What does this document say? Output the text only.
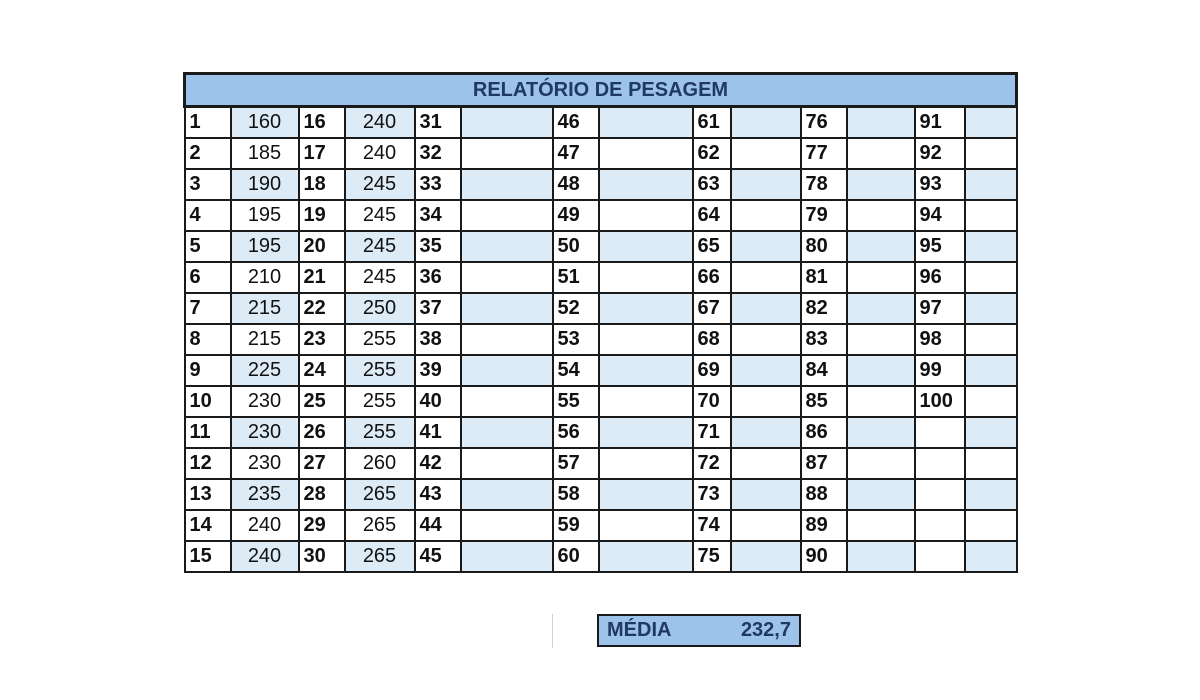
RELATÓRIO DE PESAGEM													
1	160	16	240	31		46		61		76		91	
2	185	17	240	32		47		62		77		92	
3	190	18	245	33		48		63		78		93	
4	195	19	245	34		49		64		79		94	
5	195	20	245	35		50		65		80		95	
6	210	21	245	36		51		66		81		96	
7	215	22	250	37		52		67		82		97	
8	215	23	255	38		53		68		83		98	
9	225	24	255	39		54		69		84		99	
10	230	25	255	40		55		70		85		100	
11	230	26	255	41		56		71		86			
12	230	27	260	42		57		72		87			
13	235	28	265	43		58		73		88			
14	240	29	265	44		59		74		89			
15	240	30	265	45		60		75		90			
MÉDIA	232,7
